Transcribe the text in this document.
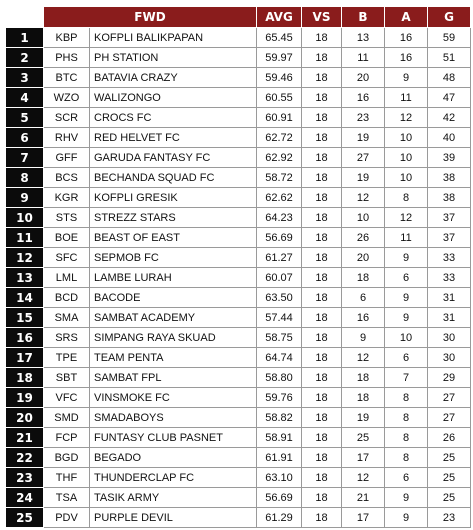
	FWD		AVG	VS	B	A	G
1	KBP	KOFPLI BALIKPAPAN	65.45	18	13	16	59
2	PHS	PH STATION	59.97	18	11	16	51
3	BTC	BATAVIA CRAZY	59.46	18	20	9	48
4	WZO	WALIZONGO	60.55	18	16	11	47
5	SCR	CROCS FC	60.91	18	23	12	42
6	RHV	RED HELVET FC	62.72	18	19	10	40
7	GFF	GARUDA FANTASY FC	62.92	18	27	10	39
8	BCS	BECHANDA SQUAD FC	58.72	18	19	10	38
9	KGR	KOFPLI GRESIK	62.62	18	12	8	38
10	STS	STREZZ STARS	64.23	18	10	12	37
11	BOE	BEAST OF EAST	56.69	18	26	11	37
12	SFC	SEPMOB FC	61.27	18	20	9	33
13	LML	LAMBE LURAH	60.07	18	18	6	33
14	BCD	BACODE	63.50	18	6	9	31
15	SMA	SAMBAT ACADEMY	57.44	18	16	9	31
16	SRS	SIMPANG RAYA SKUAD	58.75	18	9	10	30
17	TPE	TEAM PENTA	64.74	18	12	6	30
18	SBT	SAMBAT FPL	58.80	18	18	7	29
19	VFC	VINSMOKE FC	59.76	18	18	8	27
20	SMD	SMADABOYS	58.82	18	19	8	27
21	FCP	FUNTASY CLUB PASNET	58.91	18	25	8	26
22	BGD	BEGADO	61.91	18	17	8	25
23	THF	THUNDERCLAP FC	63.10	18	12	6	25
24	TSA	TASIK ARMY	56.69	18	21	9	25
25	PDV	PURPLE DEVIL	61.29	18	17	9	23
